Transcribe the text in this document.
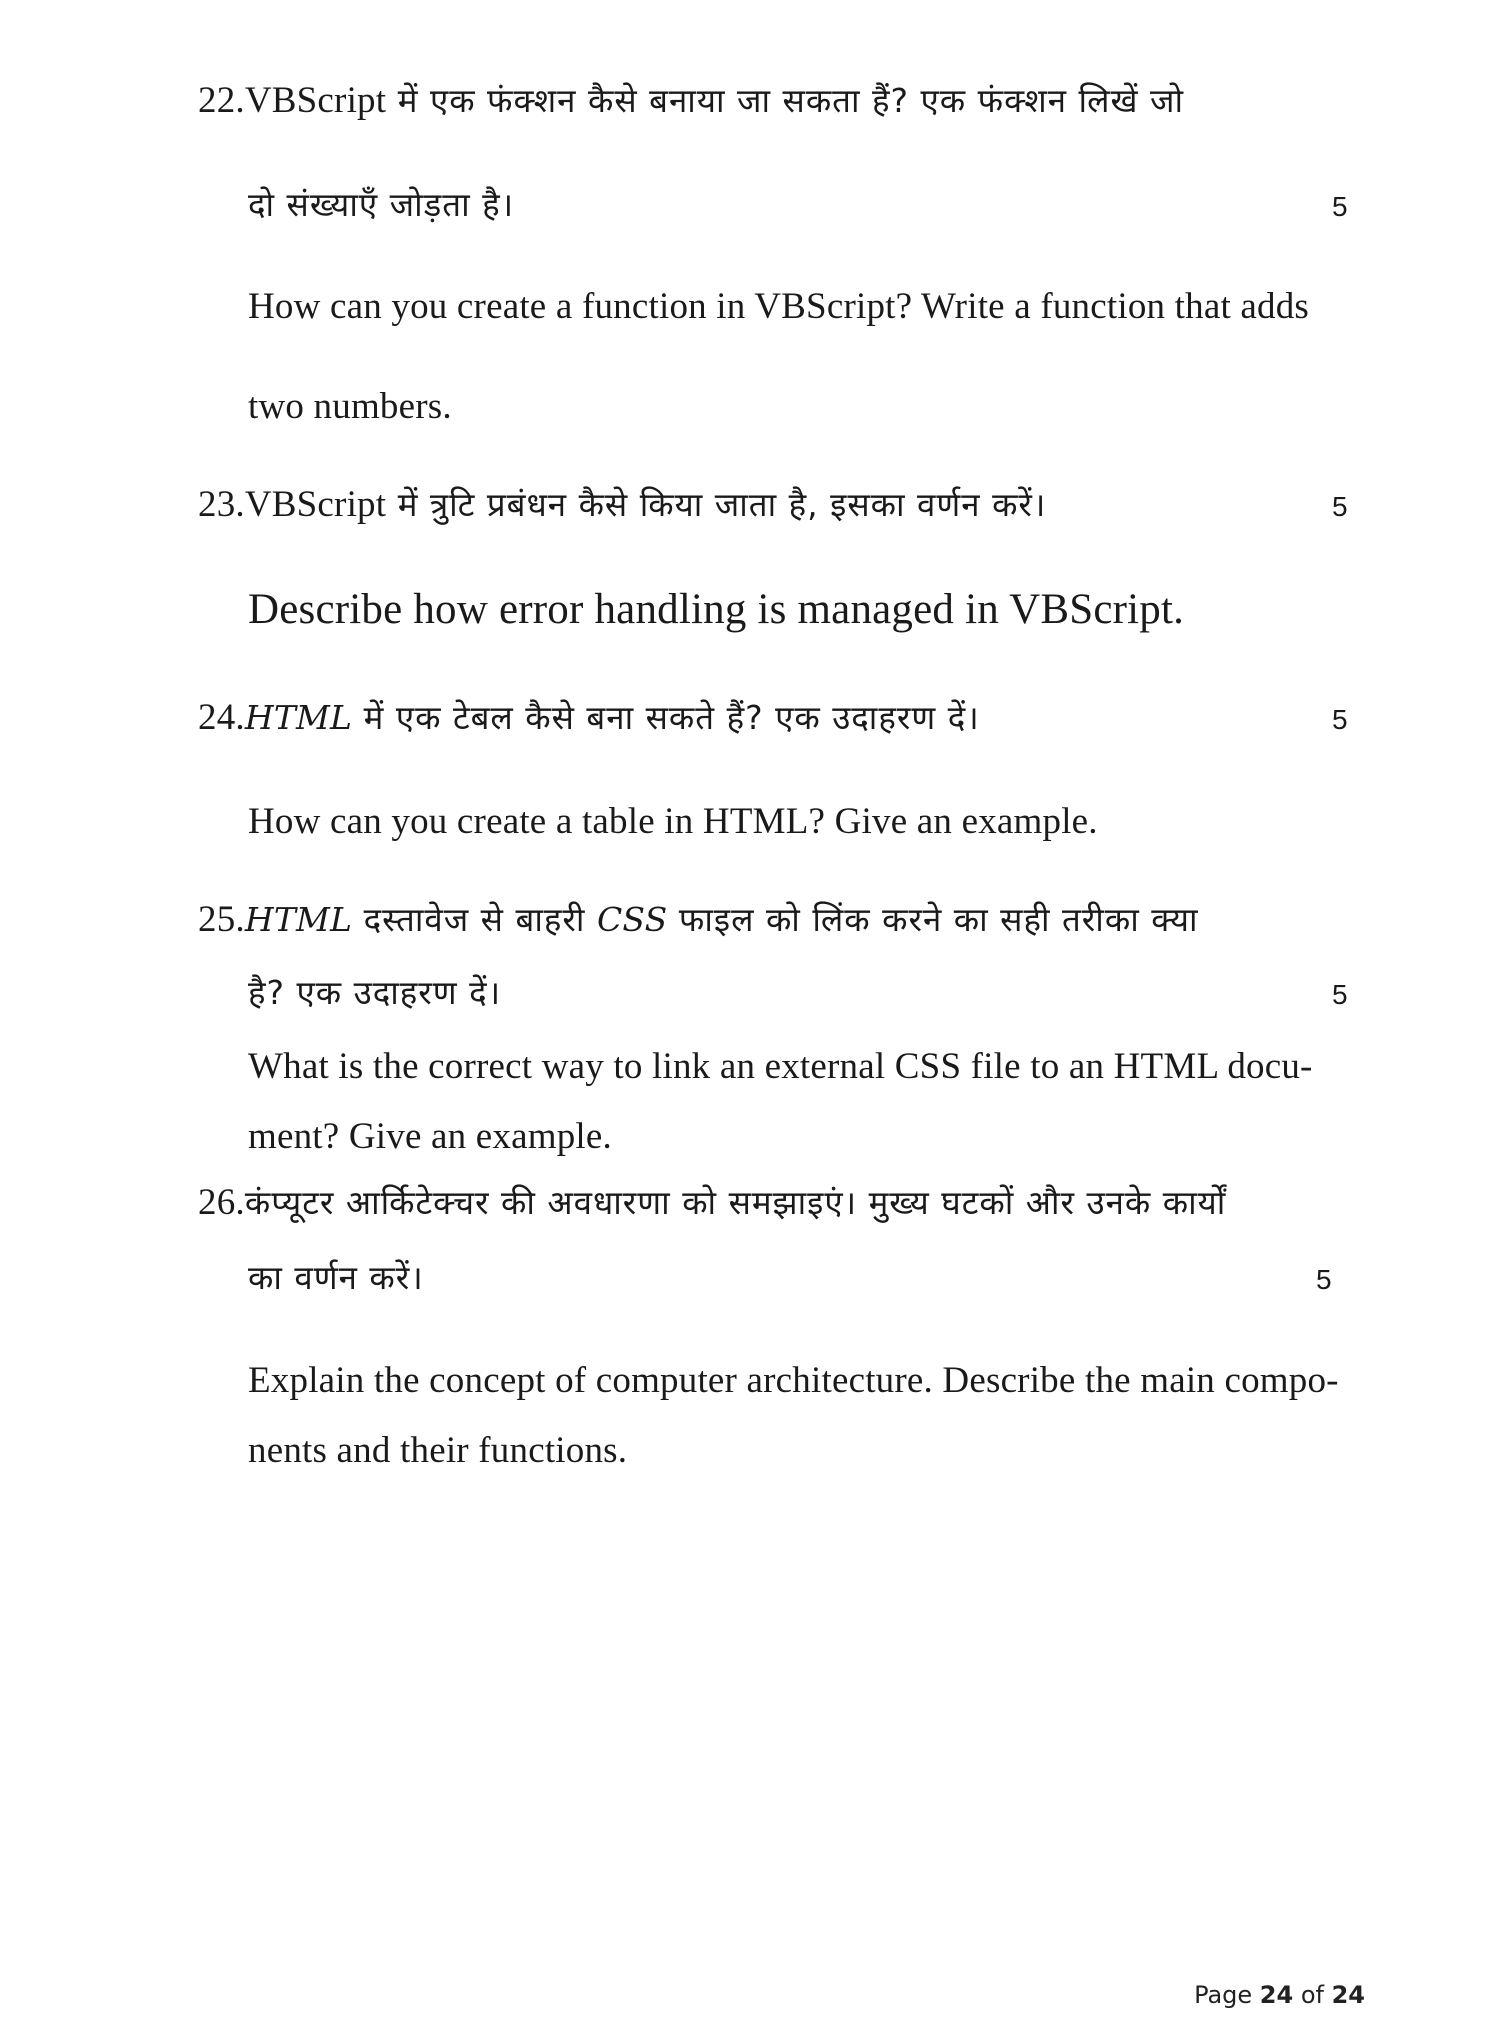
22.VBScript में एक फंक्शन कैसे बनाया जा सकता हैं? एक फंक्शन लिखें जो
दो संख्याएँ जोड़ता है।	5
How can you create a function in VBScript? Write a function that adds
two numbers.
23.VBScript में त्रुटि प्रबंधन कैसे किया जाता है, इसका वर्णन करें।	5
Describe how error handling is managed in VBScript.
24.HTML में एक टेबल कैसे बना सकते हैं? एक उदाहरण दें।	5
How can you create a table in HTML? Give an example.
25.HTML दस्तावेज से बाहरी CSS फाइल को लिंक करने का सही तरीका क्या
है? एक उदाहरण दें।	5
What is the correct way to link an external CSS file to an HTML docu-
ment? Give an example.
26.कंप्यूटर आर्किटेक्चर की अवधारणा को समझाइएं। मुख्य घटकों और उनके कार्यों
का वर्णन करें।	5
Explain the concept of computer architecture. Describe the main compo-
nents and their functions.
Page 24 of 24
